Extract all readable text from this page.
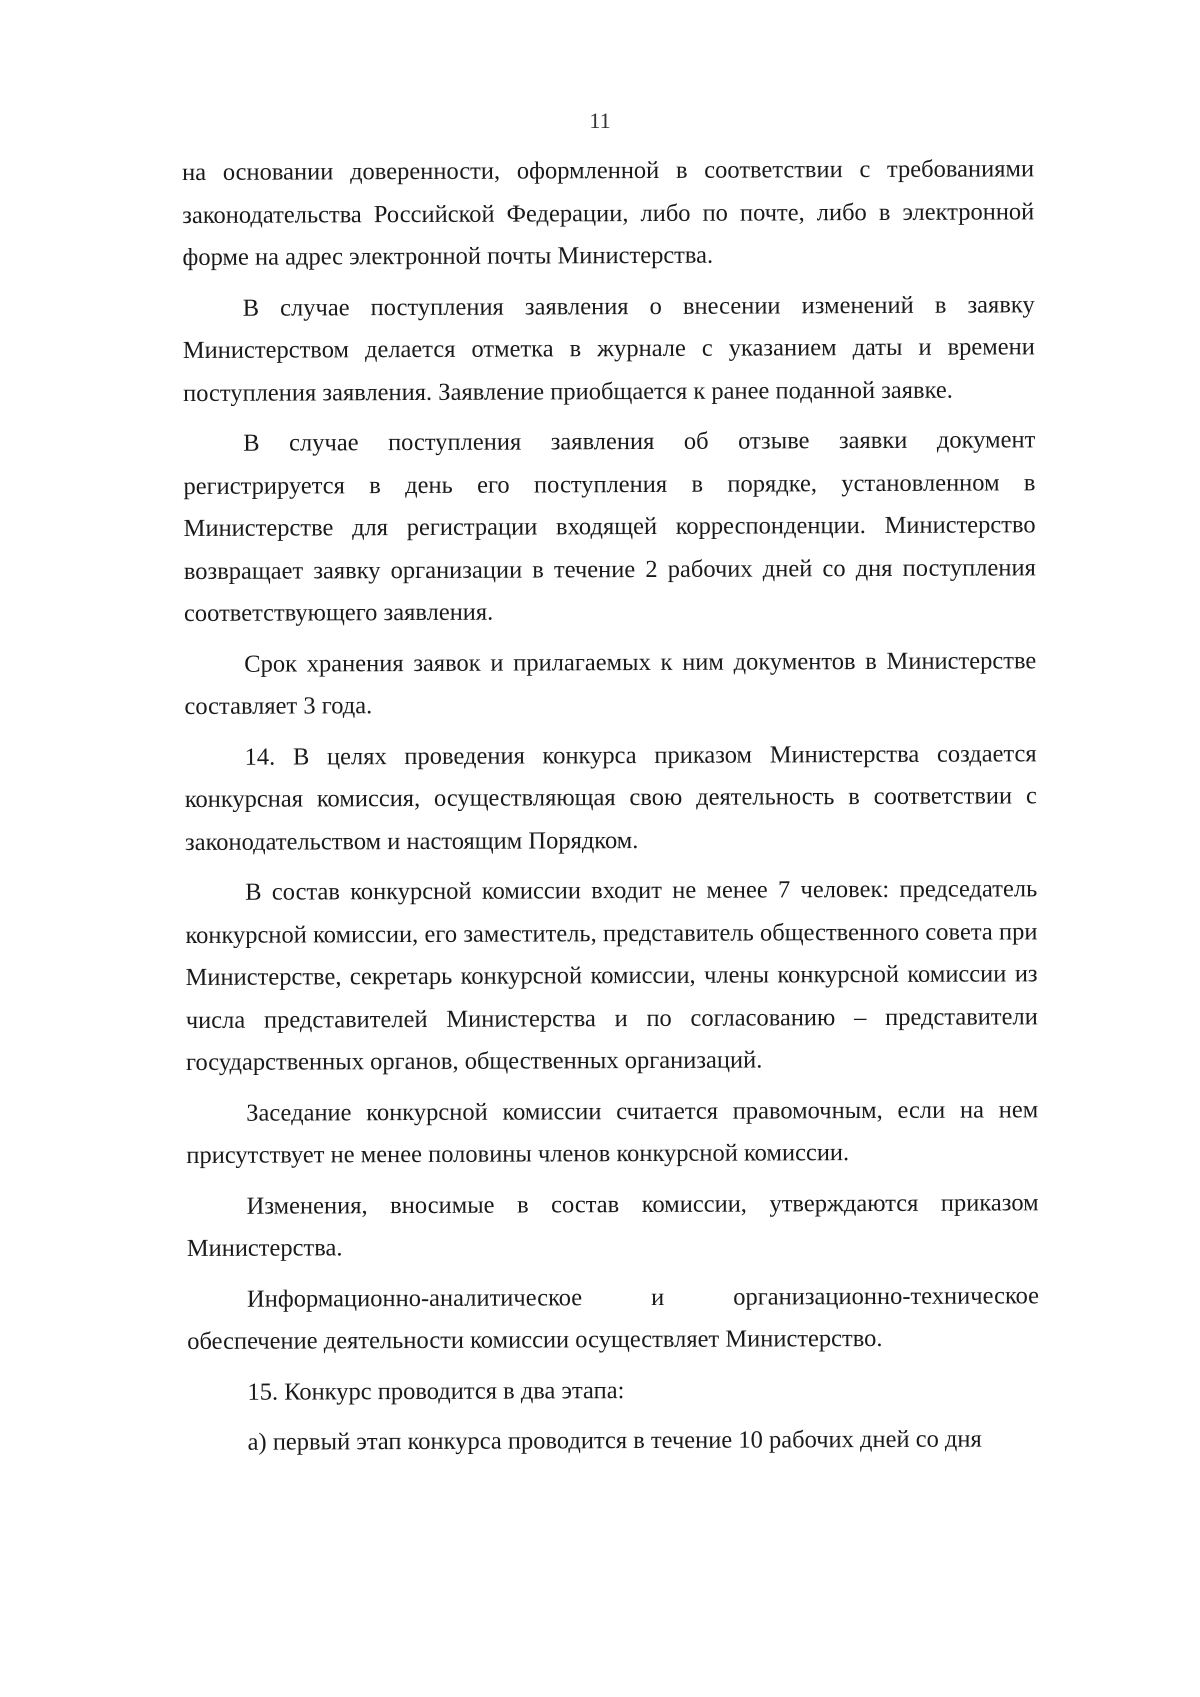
11

на основании доверенности, оформленной в соответствии с требованиями законодательства Российской Федерации, либо по почте, либо в электронной форме на адрес электронной почты Министерства.

В случае поступления заявления о внесении изменений в заявку Министерством делается отметка в журнале с указанием даты и времени поступления заявления. Заявление приобщается к ранее поданной заявке.

В случае поступления заявления об отзыве заявки документ регистрируется в день его поступления в порядке, установленном в Министерстве для регистрации входящей корреспонденции. Министерство возвращает заявку организации в течение 2 рабочих дней со дня поступления соответствующего заявления.

Срок хранения заявок и прилагаемых к ним документов в Министерстве составляет 3 года.

14. В целях проведения конкурса приказом Министерства создается конкурсная комиссия, осуществляющая свою деятельность в соответствии с законодательством и настоящим Порядком.

В состав конкурсной комиссии входит не менее 7 человек: председатель конкурсной комиссии, его заместитель, представитель общественного совета при Министерстве, секретарь конкурсной комиссии, члены конкурсной комиссии из числа представителей Министерства и по согласованию – представители государственных органов, общественных организаций.

Заседание конкурсной комиссии считается правомочным, если на нем присутствует не менее половины членов конкурсной комиссии.

Изменения, вносимые в состав комиссии, утверждаются приказом Министерства.

Информационно-аналитическое и организационно-техническое обеспечение деятельности комиссии осуществляет Министерство.

15. Конкурс проводится в два этапа:

а) первый этап конкурса проводится в течение 10 рабочих дней со дня
